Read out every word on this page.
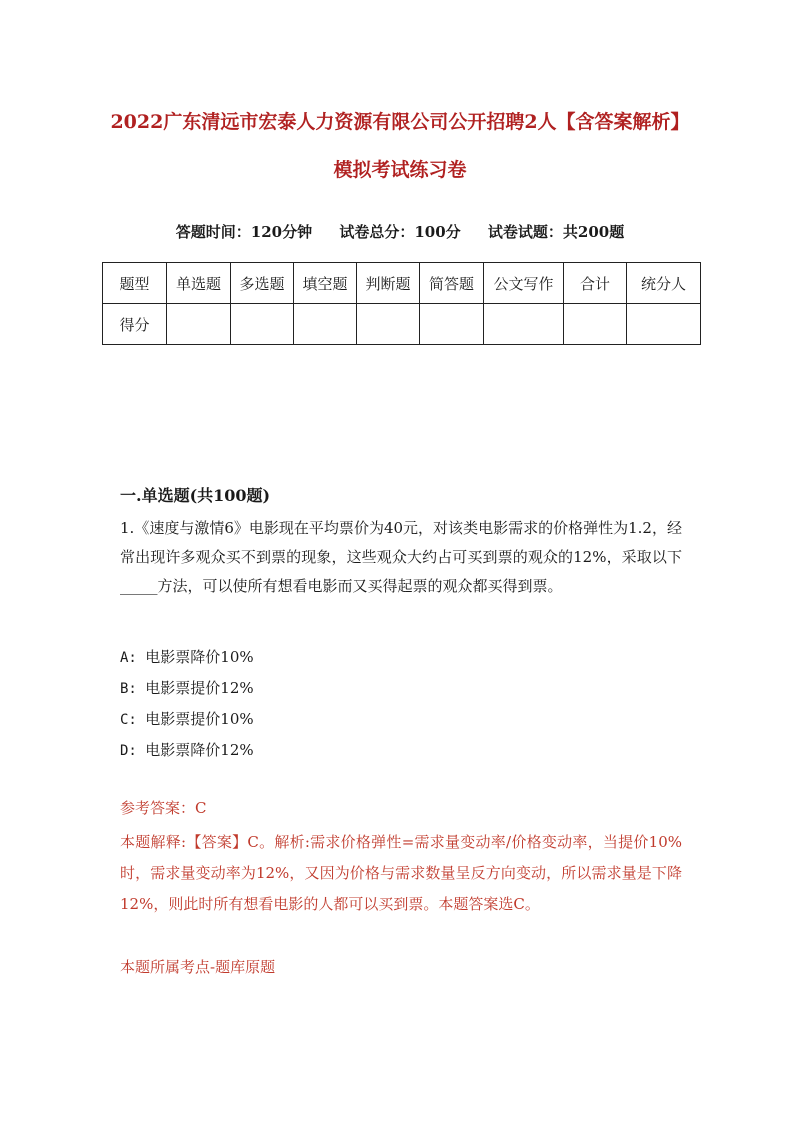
2022广东清远市宏泰人力资源有限公司公开招聘2人【含答案解析】模拟考试练习卷
答题时间：120分钟 试卷总分：100分 试卷试题：共200题
题型	单选题	多选题	填空题	判断题	简答题	公文写作	合计	统分人
得分								
一.单选题(共100题)
1.《速度与激情6》电影现在平均票价为40元，对该类电影需求的价格弹性为1.2，经常出现许多观众买不到票的现象，这些观众大约占可买到票的观众的12%，采取以下_____方法，可以使所有想看电影而又买得起票的观众都买得到票。
A: 电影票降价10%
B: 电影票提价12%
C: 电影票提价10%
D: 电影票降价12%
参考答案：C
本题解释:【答案】C。解析:需求价格弹性=需求量变动率/价格变动率，当提价10%时，需求量变动率为12%，又因为价格与需求数量呈反方向变动，所以需求量是下降12%，则此时所有想看电影的人都可以买到票。本题答案选C。
本题所属考点-题库原题
